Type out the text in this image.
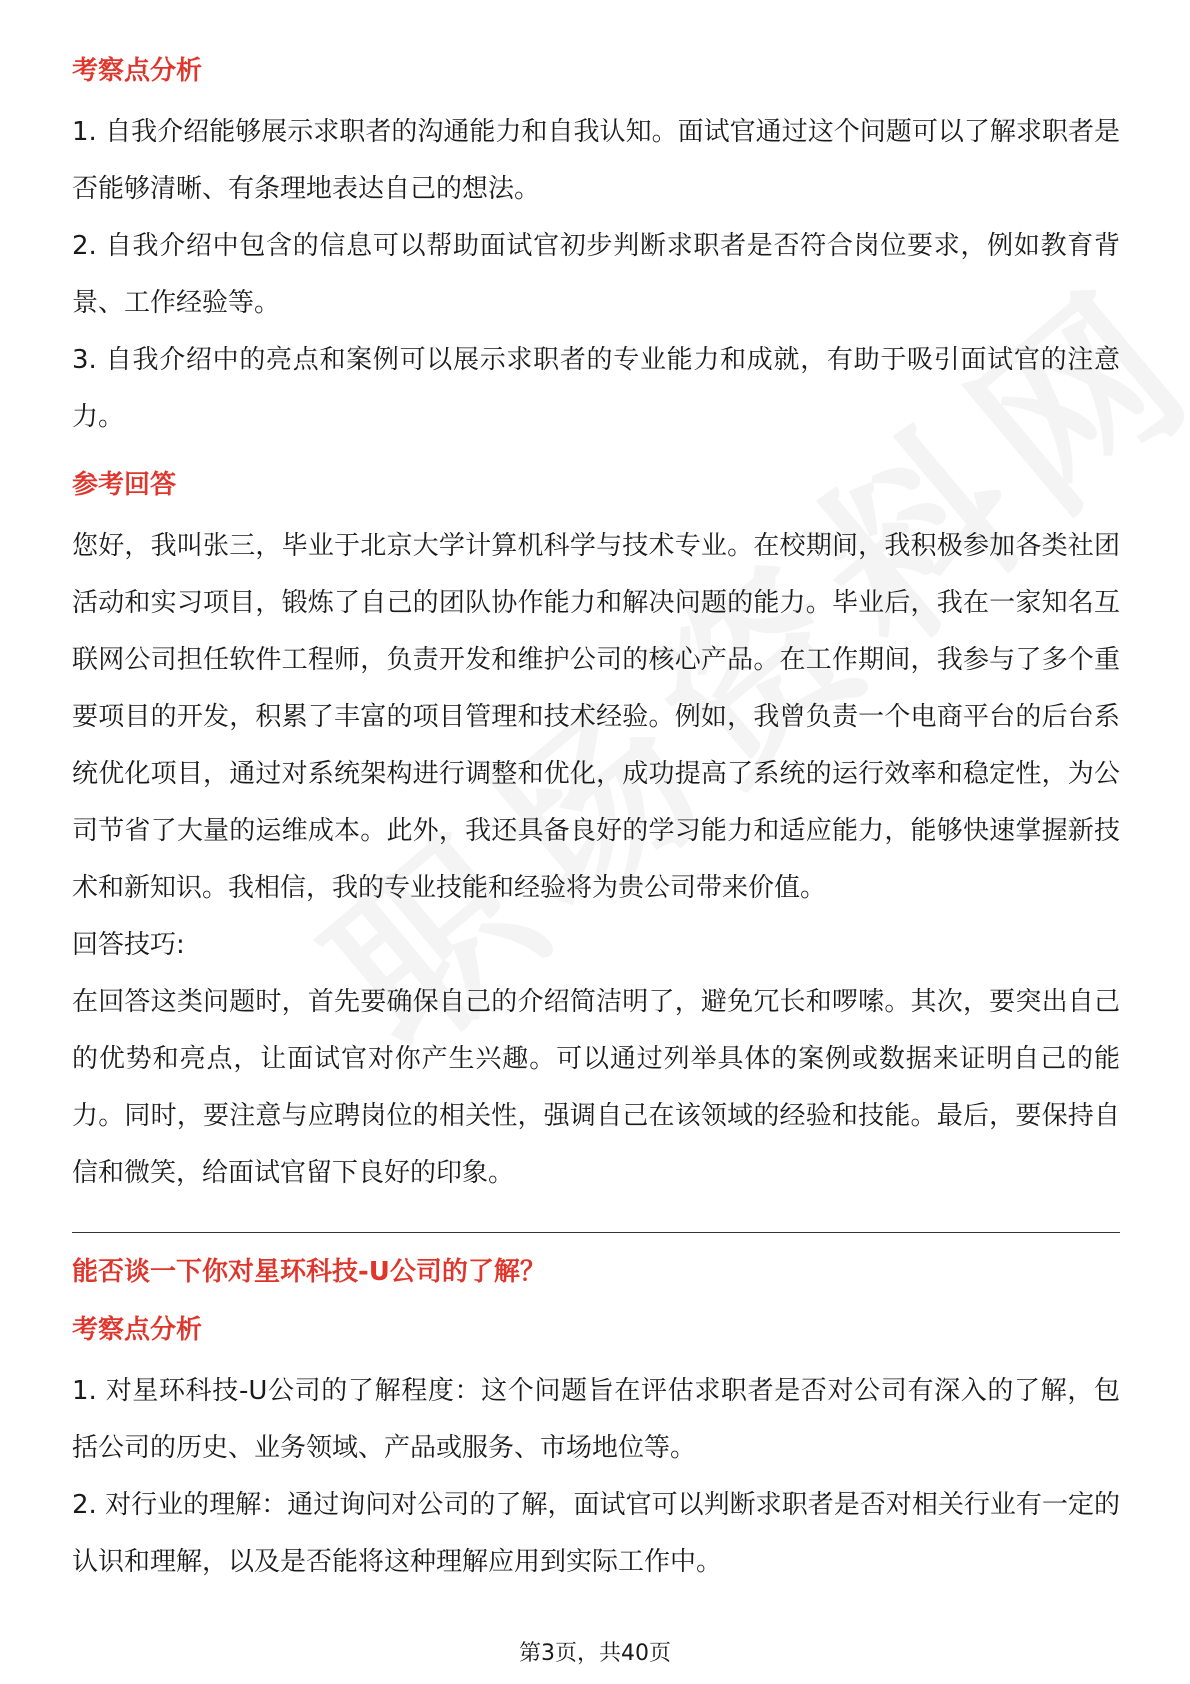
考察点分析

1. 自我介绍能够展示求职者的沟通能力和自我认知。面试官通过这个问题可以了解求职者是否能够清晰、有条理地表达自己的想法。

2. 自我介绍中包含的信息可以帮助面试官初步判断求职者是否符合岗位要求，例如教育背景、工作经验等。

3. 自我介绍中的亮点和案例可以展示求职者的专业能力和成就，有助于吸引面试官的注意力。

参考回答

您好，我叫张三，毕业于北京大学计算机科学与技术专业。在校期间，我积极参加各类社团活动和实习项目，锻炼了自己的团队协作能力和解决问题的能力。毕业后，我在一家知名互联网公司担任软件工程师，负责开发和维护公司的核心产品。在工作期间，我参与了多个重要项目的开发，积累了丰富的项目管理和技术经验。例如，我曾负责一个电商平台的后台系统优化项目，通过对系统架构进行调整和优化，成功提高了系统的运行效率和稳定性，为公司节省了大量的运维成本。此外，我还具备良好的学习能力和适应能力，能够快速掌握新技术和新知识。我相信，我的专业技能和经验将为贵公司带来价值。

回答技巧:

在回答这类问题时，首先要确保自己的介绍简洁明了，避免冗长和啰嗦。其次，要突出自己的优势和亮点，让面试官对你产生兴趣。可以通过列举具体的案例或数据来证明自己的能力。同时，要注意与应聘岗位的相关性，强调自己在该领域的经验和技能。最后，要保持自信和微笑，给面试官留下良好的印象。

能否谈一下你对星环科技-U公司的了解？

考察点分析

1. 对星环科技-U公司的了解程度：这个问题旨在评估求职者是否对公司有深入的了解，包括公司的历史、业务领域、产品或服务、市场地位等。

2. 对行业的理解：通过询问对公司的了解，面试官可以判断求职者是否对相关行业有一定的认识和理解，以及是否能将这种理解应用到实际工作中。

第3页，共40页
